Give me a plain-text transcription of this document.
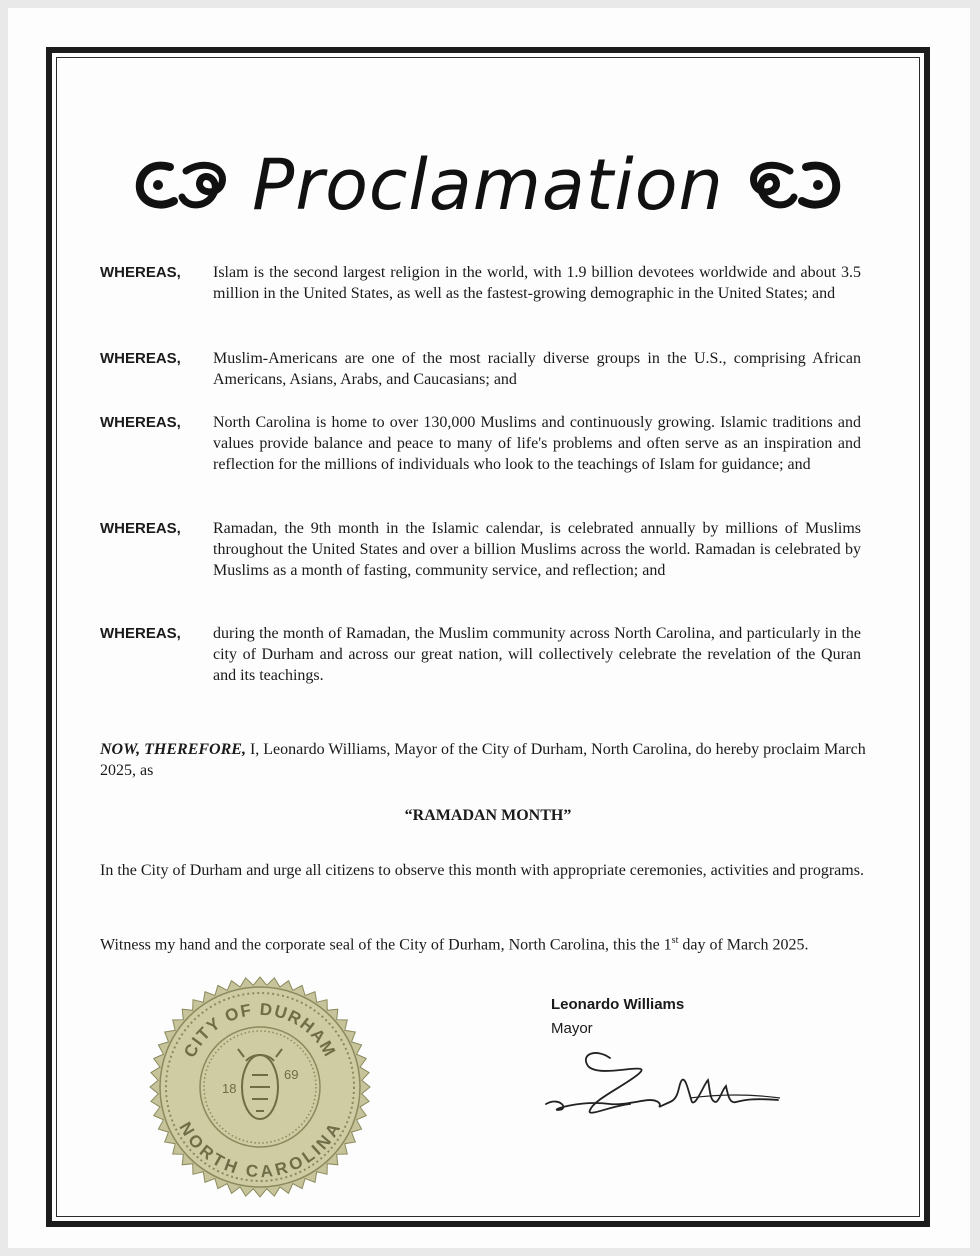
Proclamation
WHEREAS, Islam is the second largest religion in the world, with 1.9 billion devotees worldwide and about 3.5 million in the United States, as well as the fastest-growing demographic in the United States; and
WHEREAS, Muslim-Americans are one of the most racially diverse groups in the U.S., comprising African Americans, Asians, Arabs, and Caucasians; and
WHEREAS, North Carolina is home to over 130,000 Muslims and continuously growing. Islamic traditions and values provide balance and peace to many of life's problems and often serve as an inspiration and reflection for the millions of individuals who look to the teachings of Islam for guidance; and
WHEREAS, Ramadan, the 9th month in the Islamic calendar, is celebrated annually by millions of Muslims throughout the United States and over a billion Muslims across the world. Ramadan is celebrated by Muslims as a month of fasting, community service, and reflection; and
WHEREAS, during the month of Ramadan, the Muslim community across North Carolina, and particularly in the city of Durham and across our great nation, will collectively celebrate the revelation of the Quran and its teachings.
NOW, THEREFORE, I, Leonardo Williams, Mayor of the City of Durham, North Carolina, do hereby proclaim March 2025, as
“RAMADAN MONTH”
In the City of Durham and urge all citizens to observe this month with appropriate ceremonies, activities and programs.
Witness my hand and the corporate seal of the City of Durham, North Carolina, this the 1st day of March 2025.
CITY OF DURHAM
NORTH CAROLINA
18
69
Leonardo Williams
Mayor
